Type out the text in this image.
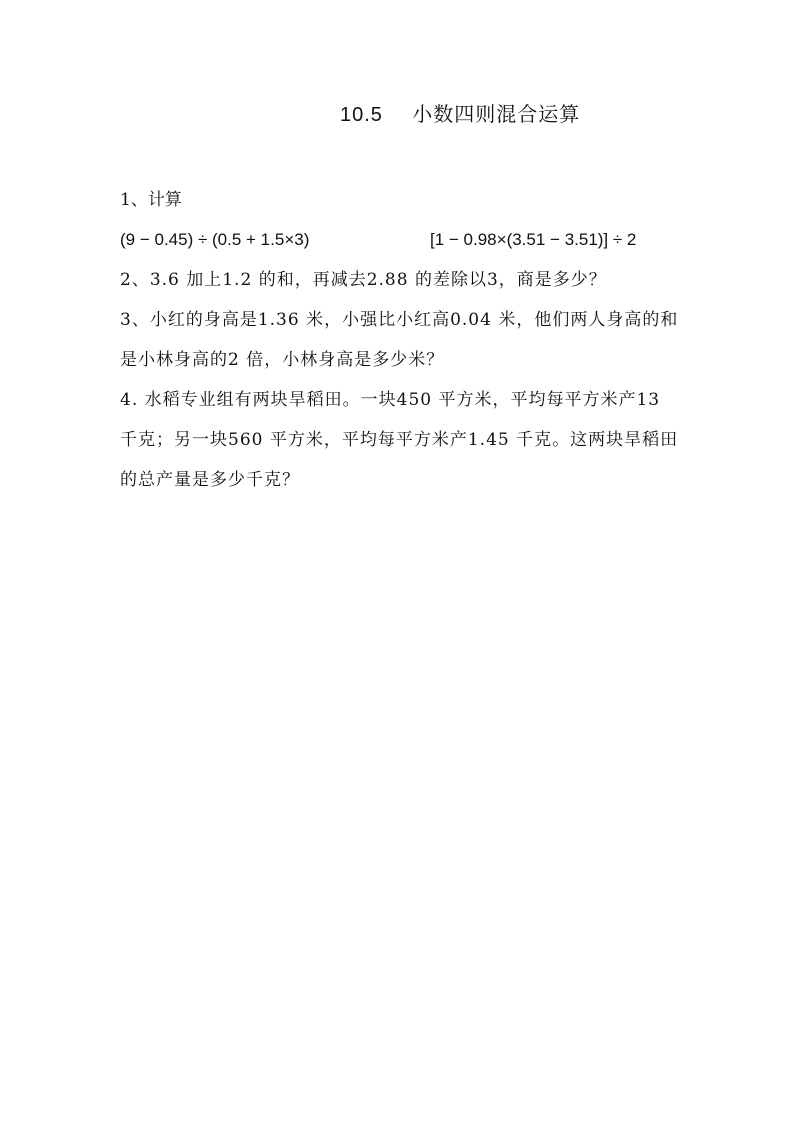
10.5 小数四则混合运算
1、计算
(9 − 0.45) ÷ (0.5 + 1.5×3)	[1 − 0.98×(3.51 − 3.51)] ÷ 2
2、3.6 加上1.2 的和，再减去2.88 的差除以3，商是多少？
3、小红的身高是1.36 米，小强比小红高0.04 米，他们两人身高的和是小林身高的2 倍，小林身高是多少米？
4. 水稻专业组有两块旱稻田。一块450 平方米，平均每平方米产13 千克；另一块560 平方米，平均每平方米产1.45 千克。这两块旱稻田的总产量是多少千克？
